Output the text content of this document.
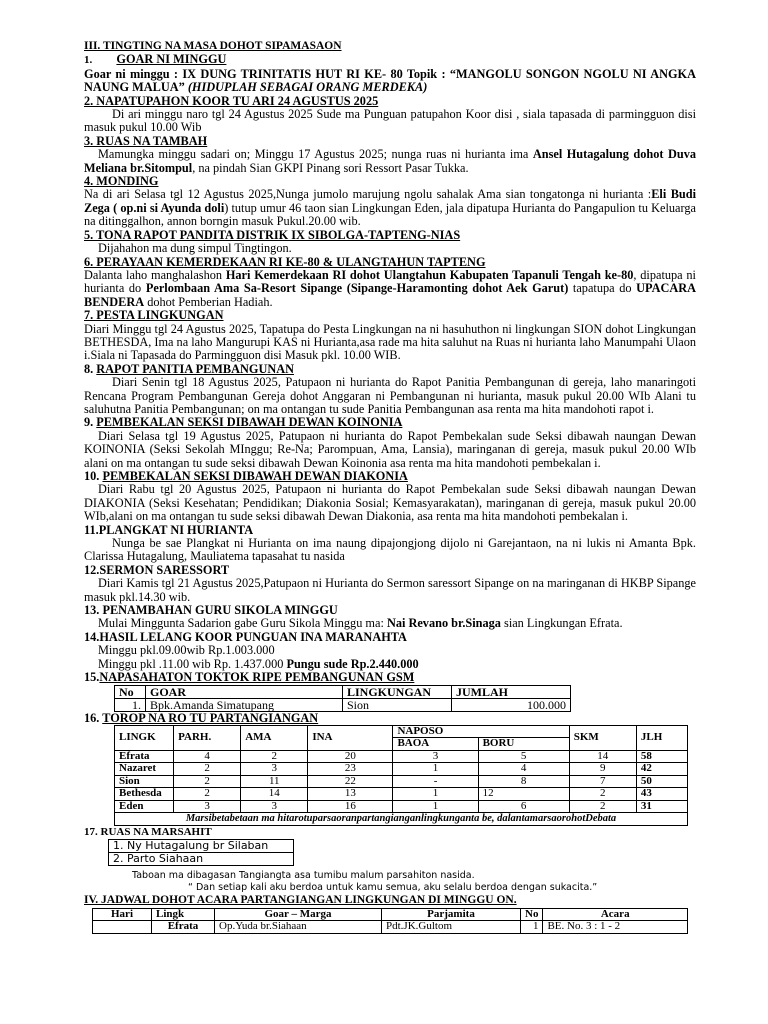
III. TINGTING NA MASA DOHOT SIPAMASAON

1. GOAR NI MINGGU

Goar ni minggu : IX DUNG TRINITATIS HUT RI KE- 80 Topik : “MANGOLU SONGON NGOLU NI ANGKA NAUNG MALUA” (HIDUPLAH SEBAGAI ORANG MERDEKA)

2. NAPATUPAHON KOOR TU ARI 24 AGUSTUS 2025

Di ari minggu naro tgl 24 Agustus 2025 Sude ma Punguan patupahon Koor disi , siala tapasada di parminggu​on disi masuk pukul 10.00 Wib

3. RUAS NA TAMBAH

Mamungka minggu sadari on; Minggu 17 Agustus 2025; nunga ruas ni hurianta ima Ansel Hutagalung dohot Duva Meliana br.Sitompul, na pindah Sian GKPI Pinang sori Ressort Pasar Tukka.

4. MONDING

Na di ari Selasa tgl 12 Agustus 2025,Nunga jumolo marujung ngolu sahalak Ama sian tongatonga ni hurianta :Eli Budi Zega ( op.ni si Ayunda doli) tutup umur 46 taon sian Lingkungan Eden, jala dipatupa Hurianta do Pangapulion tu Keluarga na ditinggalhon, annon borngin masuk Pukul.20.00 wib.

5. TONA RAPOT PANDITA DISTRIK IX SIBOLGA-TAPTENG-NIAS

Dijahahon ma dung simpul Tingtingon.

6. PERAYAAN KEMERDEKAAN RI KE-80 & ULANGTAHUN TAPTENG

Dalanta laho manghalashon Hari Kemerdekaan RI dohot Ulangtahun Kabupaten Tapanuli Tengah ke-80, dipatupa ni hurianta do Perlombaan Ama Sa-Resort Sipange (Sipange-Haramonting dohot Aek Garut) tapatupa do UPACARA BENDERA dohot Pemberian Hadiah.

7. PESTA LINGKUNGAN

Diari Minggu tgl 24 Agustus 2025, Tapatupa do Pesta Lingkungan na ni hasuhuthon ni lingkungan SION dohot Lingkungan BETHESDA, Ima na laho Mangurupi KAS ni Hurianta,asa rade ma hita saluhut na Ruas ni hurianta laho Manumpahi Ulaon i.Siala ni Tapasada do Parminggu​on disi Masuk pkl. 10.00 WIB.

8. RAPOT PANITIA PEMBANGUNAN

Diari Senin tgl 18 Agustus 2025, Patupaon ni hurianta do Rapot Panitia Pembangunan di gereja, laho manaringoti Rencana Program Pembangunan Gereja dohot Anggaran ni Pembangunan ni hurianta, masuk pukul 20.00 WIb Alani tu saluhutna Panitia Pembangunan; on ma ontangan tu sude Panitia Pembangunan asa renta ma hita mandohoti rapot i.

9. PEMBEKALAN SEKSI DIBAWAH DEWAN KOINONIA

Diari Selasa tgl 19 Agustus 2025, Patupaon ni hurianta do Rapot Pembekalan sude Seksi dibawah naungan Dewan KOINONIA (Seksi Sekolah MInggu; Re-Na; Parompuan, Ama, Lansia), maringanan di gereja, masuk pukul 20.00 WIb alani on ma ontangan tu sude seksi dibawah Dewan Koinonia asa renta ma hita mandohoti pembekalan i.

10. PEMBEKALAN SEKSI DIBAWAH DEWAN DIAKONIA

Diari Rabu tgl 20 Agustus 2025, Patupaon ni hurianta do Rapot Pembekalan sude Seksi dibawah naungan Dewan DIAKONIA (Seksi Kesehatan; Pendidikan; Diakonia Sosial; Kemasyarakatan), maringanan di gereja, masuk pukul 20.00 WIb,alani on ma ontangan tu sude seksi dibawah Dewan Diakonia, asa renta ma hita mandohoti pembekalan i.

11.PLANGKAT NI HURIANTA

Nunga be sae Plangkat ni Hurianta on ima naung dipajongjong dijolo ni Garejantaon, na ni lukis ni Amanta Bpk. Clarissa Hutagalung, Mauliatema tapasahat tu nasida

12.SERMON SARESSORT

Diari Kamis tgl 21 Agustus 2025,Patupaon ni Hurianta do Sermon saressort Sipange on na maringanan di HKBP Sipange masuk pkl.14.30 wib.

13. PENAMBAHAN GURU SIKOLA MINGGU

Mulai Minggunta Sadarion gabe Guru Sikola Minggu ma: Nai Revano br.Sinaga sian Lingkungan Efrata.

14.HASIL LELANG KOOR PUNGUAN INA MARANAHTA

Minggu pkl.09.00wib Rp.1.003.000

Minggu pkl .11.00 wib Rp. 1.437.000 Pungu sude Rp.2.440.000

15.NAPASAHATON TOKTOK RIPE PEMBANGUNAN GSM

No	GOAR	LINGKUNGAN	JUMLAH
1.	Bpk.Amanda Simatupang	Sion	100.000

16. TOROP NA RO TU PARTANGIANGAN

LINGK	PARH.	AMA	INA	NAPOSO		SKM	JLH
				BAOA	BORU		
Efrata	4	2	20	3	5	14	58
Nazaret	2	3	23	1	4	9	42
Sion	2	11	22	-	8	7	50
Bethesda	2	14	13	1	12	2	43
Eden	3	3	16	1	6	2	31
Marsibetabetaan ma hitarotuparsaoranpartangianganlingkunganta be, dalantamarsaorohotDebata							

17. RUAS NA MARSAHIT

1. Ny Hutagalung br Silaban
2. Parto Siahaan

Taboan ma dibagasan Tangiangta asa tumibu malum parsahiton nasida.

“ Dan setiap kali aku berdoa untuk kamu semua, aku selalu berdoa dengan sukacita.”

IV. JADWAL DOHOT ACARA PARTANGIANGAN LINGKUNGAN DI MINGGU ON.

Hari	Lingk	Goar – Marga	Parjamita	No	Acara
	Efrata	Op.Yuda br.Siahaan	Pdt.JK.Gultom	1	BE. No. 3 : 1 - 2
